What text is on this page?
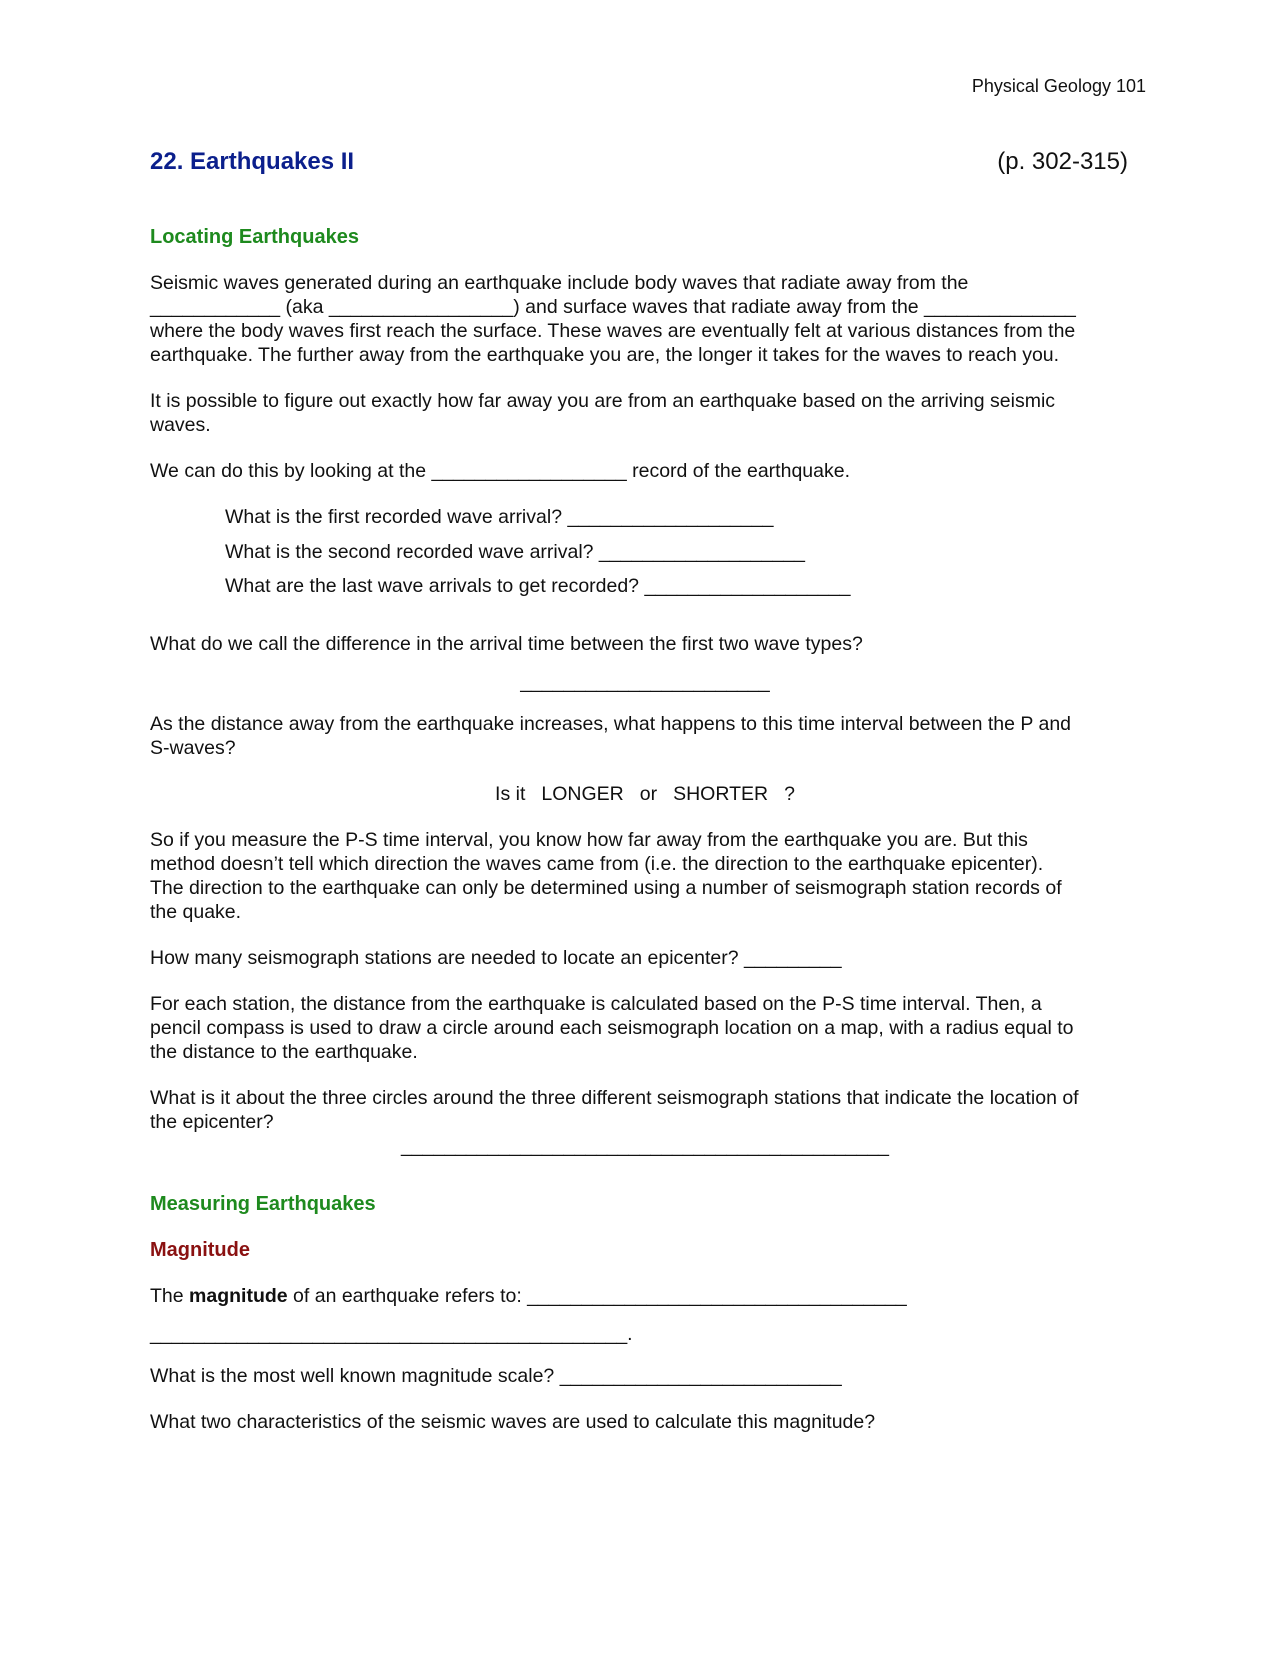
Physical Geology 101
22. Earthquakes II	(p. 302-315)

Locating Earthquakes

Seismic waves generated during an earthquake include body waves that radiate away from the
____________ (aka _________________) and surface waves that radiate away from the ______________
where the body waves first reach the surface. These waves are eventually felt at various distances from the
earthquake. The further away from the earthquake you are, the longer it takes for the waves to reach you.

It is possible to figure out exactly how far away you are from an earthquake based on the arriving seismic
waves.

We can do this by looking at the __________________ record of the earthquake.

What is the first recorded wave arrival? ___________________

What is the second recorded wave arrival? ___________________

What are the last wave arrivals to get recorded? ___________________

What do we call the difference in the arrival time between the first two wave types?

_______________________

As the distance away from the earthquake increases, what happens to this time interval between the P and
S-waves?

Is it LONGER or SHORTER ?

So if you measure the P-S time interval, you know how far away from the earthquake you are. But this
method doesn’t tell which direction the waves came from (i.e. the direction to the earthquake epicenter).
The direction to the earthquake can only be determined using a number of seismograph station records of
the quake.

How many seismograph stations are needed to locate an epicenter? _________

For each station, the distance from the earthquake is calculated based on the P-S time interval. Then, a
pencil compass is used to draw a circle around each seismograph location on a map, with a radius equal to
the distance to the earthquake.

What is it about the three circles around the three different seismograph stations that indicate the location of
the epicenter?

_____________________________________________

Measuring Earthquakes

Magnitude

The magnitude of an earthquake refers to: ___________________________________

____________________________________________.

What is the most well known magnitude scale? __________________________

What two characteristics of the seismic waves are used to calculate this magnitude?
